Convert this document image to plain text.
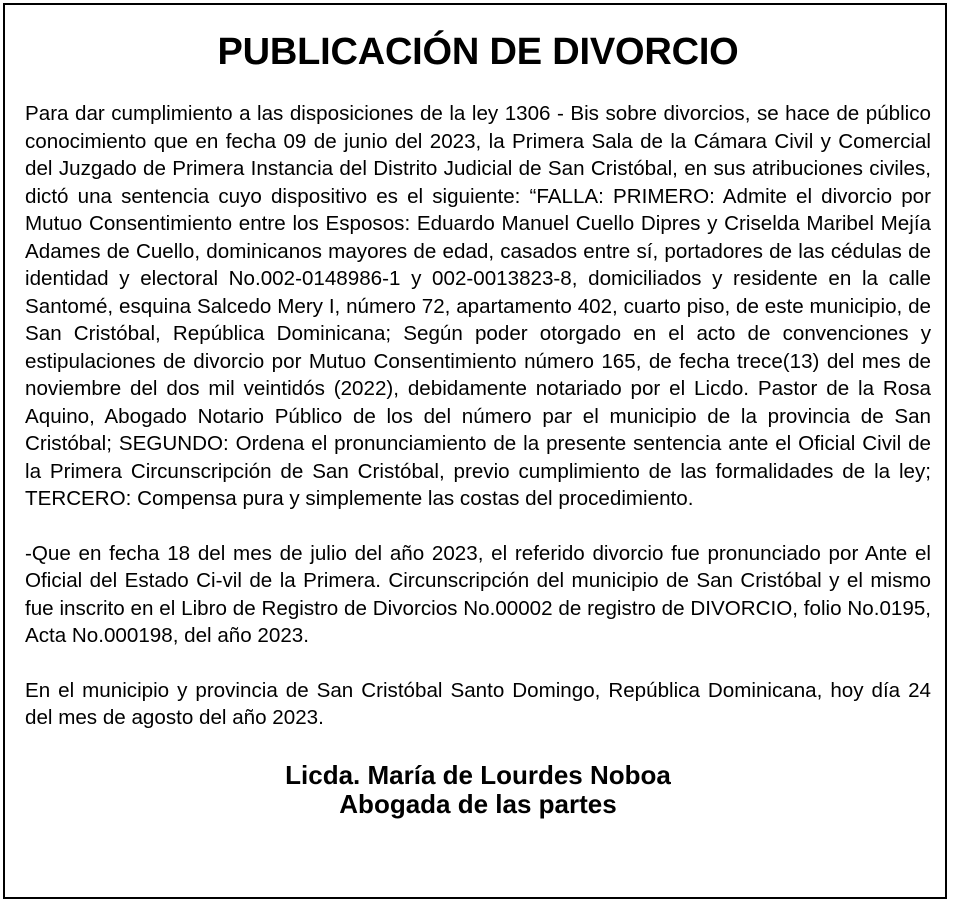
PUBLICACIÓN DE DIVORCIO

Para dar cumplimiento a las disposiciones de la ley 1306 - Bis sobre divorcios, se hace de público conocimiento que en fecha 09 de junio del 2023, la Primera Sala de la Cámara Civil y Comercial del Juzgado de Primera Instancia del Distrito Judicial de San Cristóbal, en sus atribuciones civiles, dictó una sentencia cuyo dispositivo es el siguiente: “FALLA: PRIMERO: Admite el divorcio por Mutuo Consentimiento entre los Esposos: Eduardo Manuel Cuello Dipres y Criselda Maribel Mejía Adames de Cuello, dominicanos mayores de edad, casados entre sí, portadores de las cédulas de identidad y electoral No.002-0148986-1 y 002-0013823-8, domiciliados y residente en la calle Santomé, esquina Salcedo Mery I, número 72, apartamento 402, cuarto piso, de este municipio, de San Cristóbal, República Dominicana; Según poder otorgado en el acto de convenciones y estipulaciones de divorcio por Mutuo Consentimiento número 165, de fecha trece(13) del mes de noviembre del dos mil veintidós (2022), debidamente notariado por el Licdo. Pastor de la Rosa Aquino, Abogado Notario Público de los del número par el municipio de la provincia de San Cristóbal; SEGUNDO: Ordena el pronunciamiento de la presente sentencia ante el Oficial Civil de la Primera Circunscripción de San Cristóbal, previo cumplimiento de las formalidades de la ley; TERCERO: Compensa pura y simplemente las costas del procedimiento.

-Que en fecha 18 del mes de julio del año 2023, el referido divorcio fue pronunciado por Ante el Oficial del Estado Ci-vil de la Primera. Circunscripción del municipio de San Cristóbal y el mismo fue inscrito en el Libro de Registro de Divorcios No.00002 de registro de DIVORCIO, folio No.0195, Acta No.000198, del año 2023.

En el municipio y provincia de San Cristóbal Santo Domingo, República Dominicana, hoy día 24 del mes de agosto del año 2023.

Licda. María de Lourdes Noboa
Abogada de las partes
